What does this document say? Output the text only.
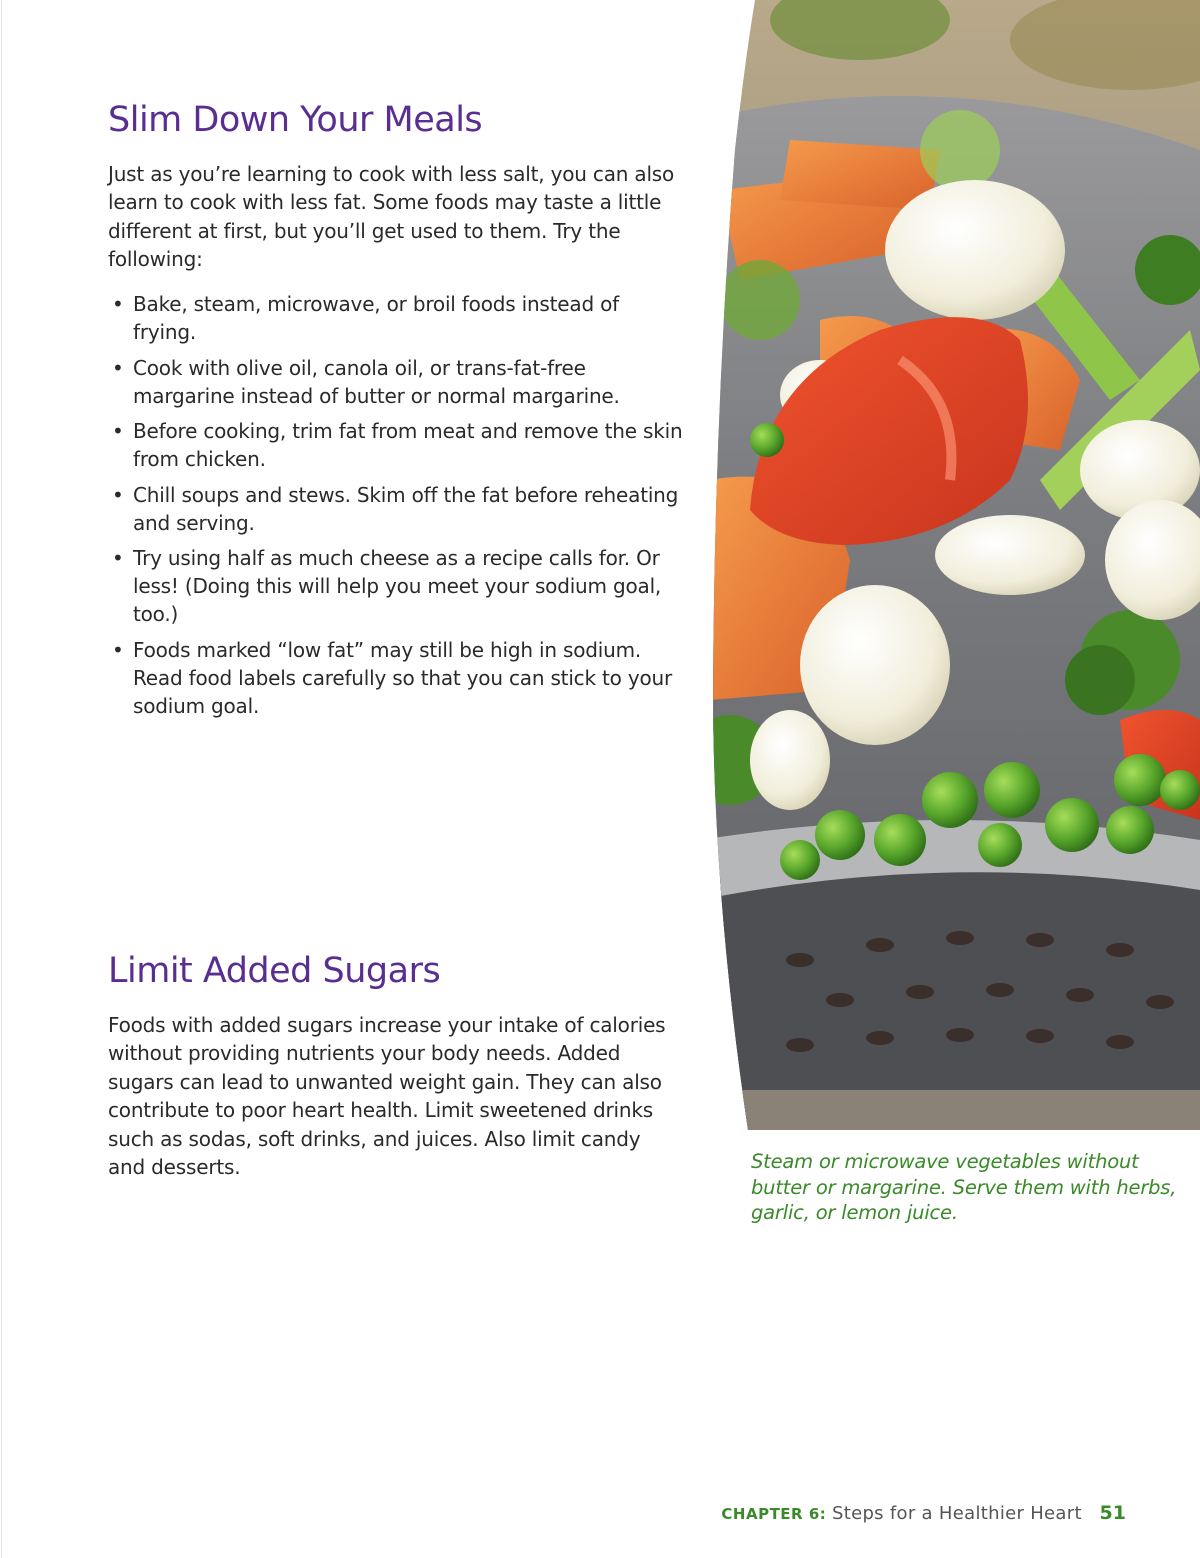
Slim Down Your Meals

Just as you’re learning to cook with less salt, you can also learn to cook with less fat. Some foods may taste a little different at first, but you’ll get used to them. Try the following:

• Bake, steam, microwave, or broil foods instead of frying.
• Cook with olive oil, canola oil, or trans-fat-free margarine instead of butter or normal margarine.
• Before cooking, trim fat from meat and remove the skin from chicken.
• Chill soups and stews. Skim off the fat before reheating and serving.
• Try using half as much cheese as a recipe calls for. Or less! (Doing this will help you meet your sodium goal, too.)
• Foods marked “low fat” may still be high in sodium. Read food labels carefully so that you can stick to your sodium goal.
Limit Added Sugars

Foods with added sugars increase your intake of calories without providing nutrients your body needs. Added sugars can lead to unwanted weight gain. They can also contribute to poor heart health. Limit sweetened drinks such as sodas, soft drinks, and juices. Also limit candy and desserts.	Steam or microwave vegetables without butter or margarine. Serve them with herbs, garlic, or lemon juice.

CHAPTER 6: Steps for a Healthier Heart 51
